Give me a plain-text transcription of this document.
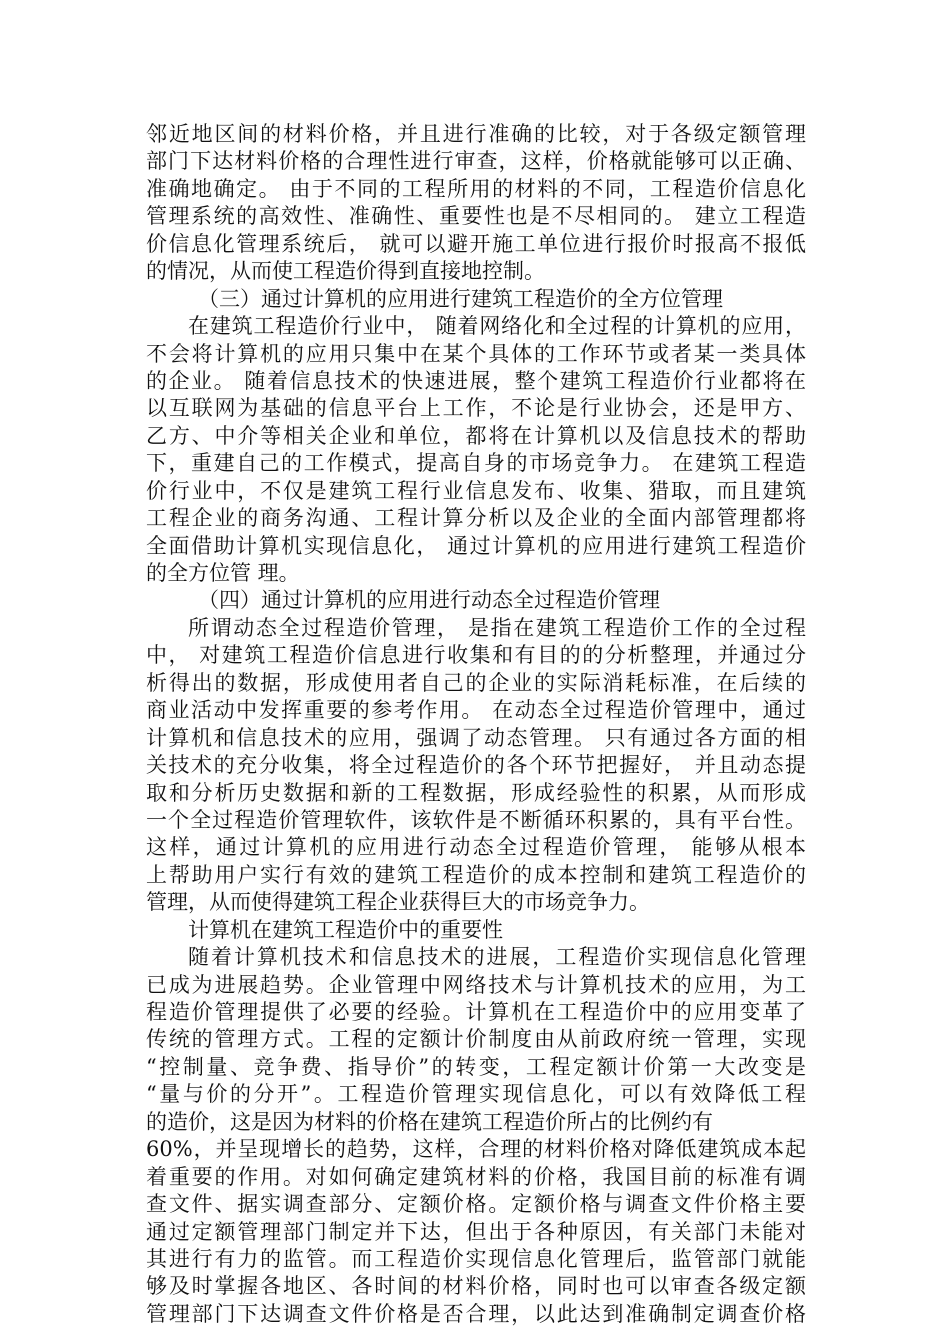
邻近地区间的材料价格，并且进行准确的比较，对于各级定额管理
部门下达材料价格的合理性进行审查，这样，价格就能够可以正确、
准确地确定。 由于不同的工程所用的材料的不同，工程造价信息化
管理系统的高效性、准确性、重要性也是不尽相同的。 建立工程造
价信息化管理系统后， 就可以避开施工单位进行报价时报高不报低
的情况，从而使工程造价得到直接地控制。
（三）通过计算机的应用进行建筑工程造价的全方位管理
在建筑工程造价行业中， 随着网络化和全过程的计算机的应用，
不会将计算机的应用只集中在某个具体的工作环节或者某一类具体
的企业。 随着信息技术的快速进展，整个建筑工程造价行业都将在
以互联网为基础的信息平台上工作，不论是行业协会，还是甲方、
乙方、中介等相关企业和单位，都将在计算机以及信息技术的帮助
下，重建自己的工作模式，提高自身的市场竞争力。 在建筑工程造
价行业中，不仅是建筑工程行业信息发布、收集、猎取，而且建筑
工程企业的商务沟通、工程计算分析以及企业的全面内部管理都将
全面借助计算机实现信息化， 通过计算机的应用进行建筑工程造价
的全方位管 理。
（四）通过计算机的应用进行动态全过程造价管理
所谓动态全过程造价管理， 是指在建筑工程造价工作的全过程
中， 对建筑工程造价信息进行收集和有目的的分析整理，并通过分
析得出的数据，形成使用者自己的企业的实际消耗标准，在后续的
商业活动中发挥重要的参考作用。 在动态全过程造价管理中，通过
计算机和信息技术的应用，强调了动态管理。 只有通过各方面的相
关技术的充分收集，将全过程造价的各个环节把握好， 并且动态提
取和分析历史数据和新的工程数据，形成经验性的积累，从而形成
一个全过程造价管理软件，该软件是不断循环积累的，具有平台性。
这样，通过计算机的应用进行动态全过程造价管理， 能够从根本
上帮助用户实行有效的建筑工程造价的成本控制和建筑工程造价的
管理，从而使得建筑工程企业获得巨大的市场竞争力。
计算机在建筑工程造价中的重要性
随着计算机技术和信息技术的进展，工程造价实现信息化管理
已成为进展趋势。企业管理中网络技术与计算机技术的应用，为工
程造价管理提供了必要的经验。计算机在工程造价中的应用变革了
传统的管理方式。工程的定额计价制度由从前政府统一管理，实现
“控制量、竞争费、指导价”的转变，工程定额计价第一大改变是
“量与价的分开”。工程造价管理实现信息化，可以有效降低工程
的造价，这是因为材料的价格在建筑工程造价所占的比例约有
60%，并呈现增长的趋势，这样，合理的材料价格对降低建筑成本起
着重要的作用。对如何确定建筑材料的价格，我国目前的标准有调
查文件、据实调查部分、定额价格。定额价格与调查文件价格主要
通过定额管理部门制定并下达，但出于各种原因，有关部门未能对
其进行有力的监管。而工程造价实现信息化管理后，监管部门就能
够及时掌握各地区、各时间的材料价格，同时也可以审查各级定额
管理部门下达调查文件价格是否合理，以此达到准确制定调查价格
